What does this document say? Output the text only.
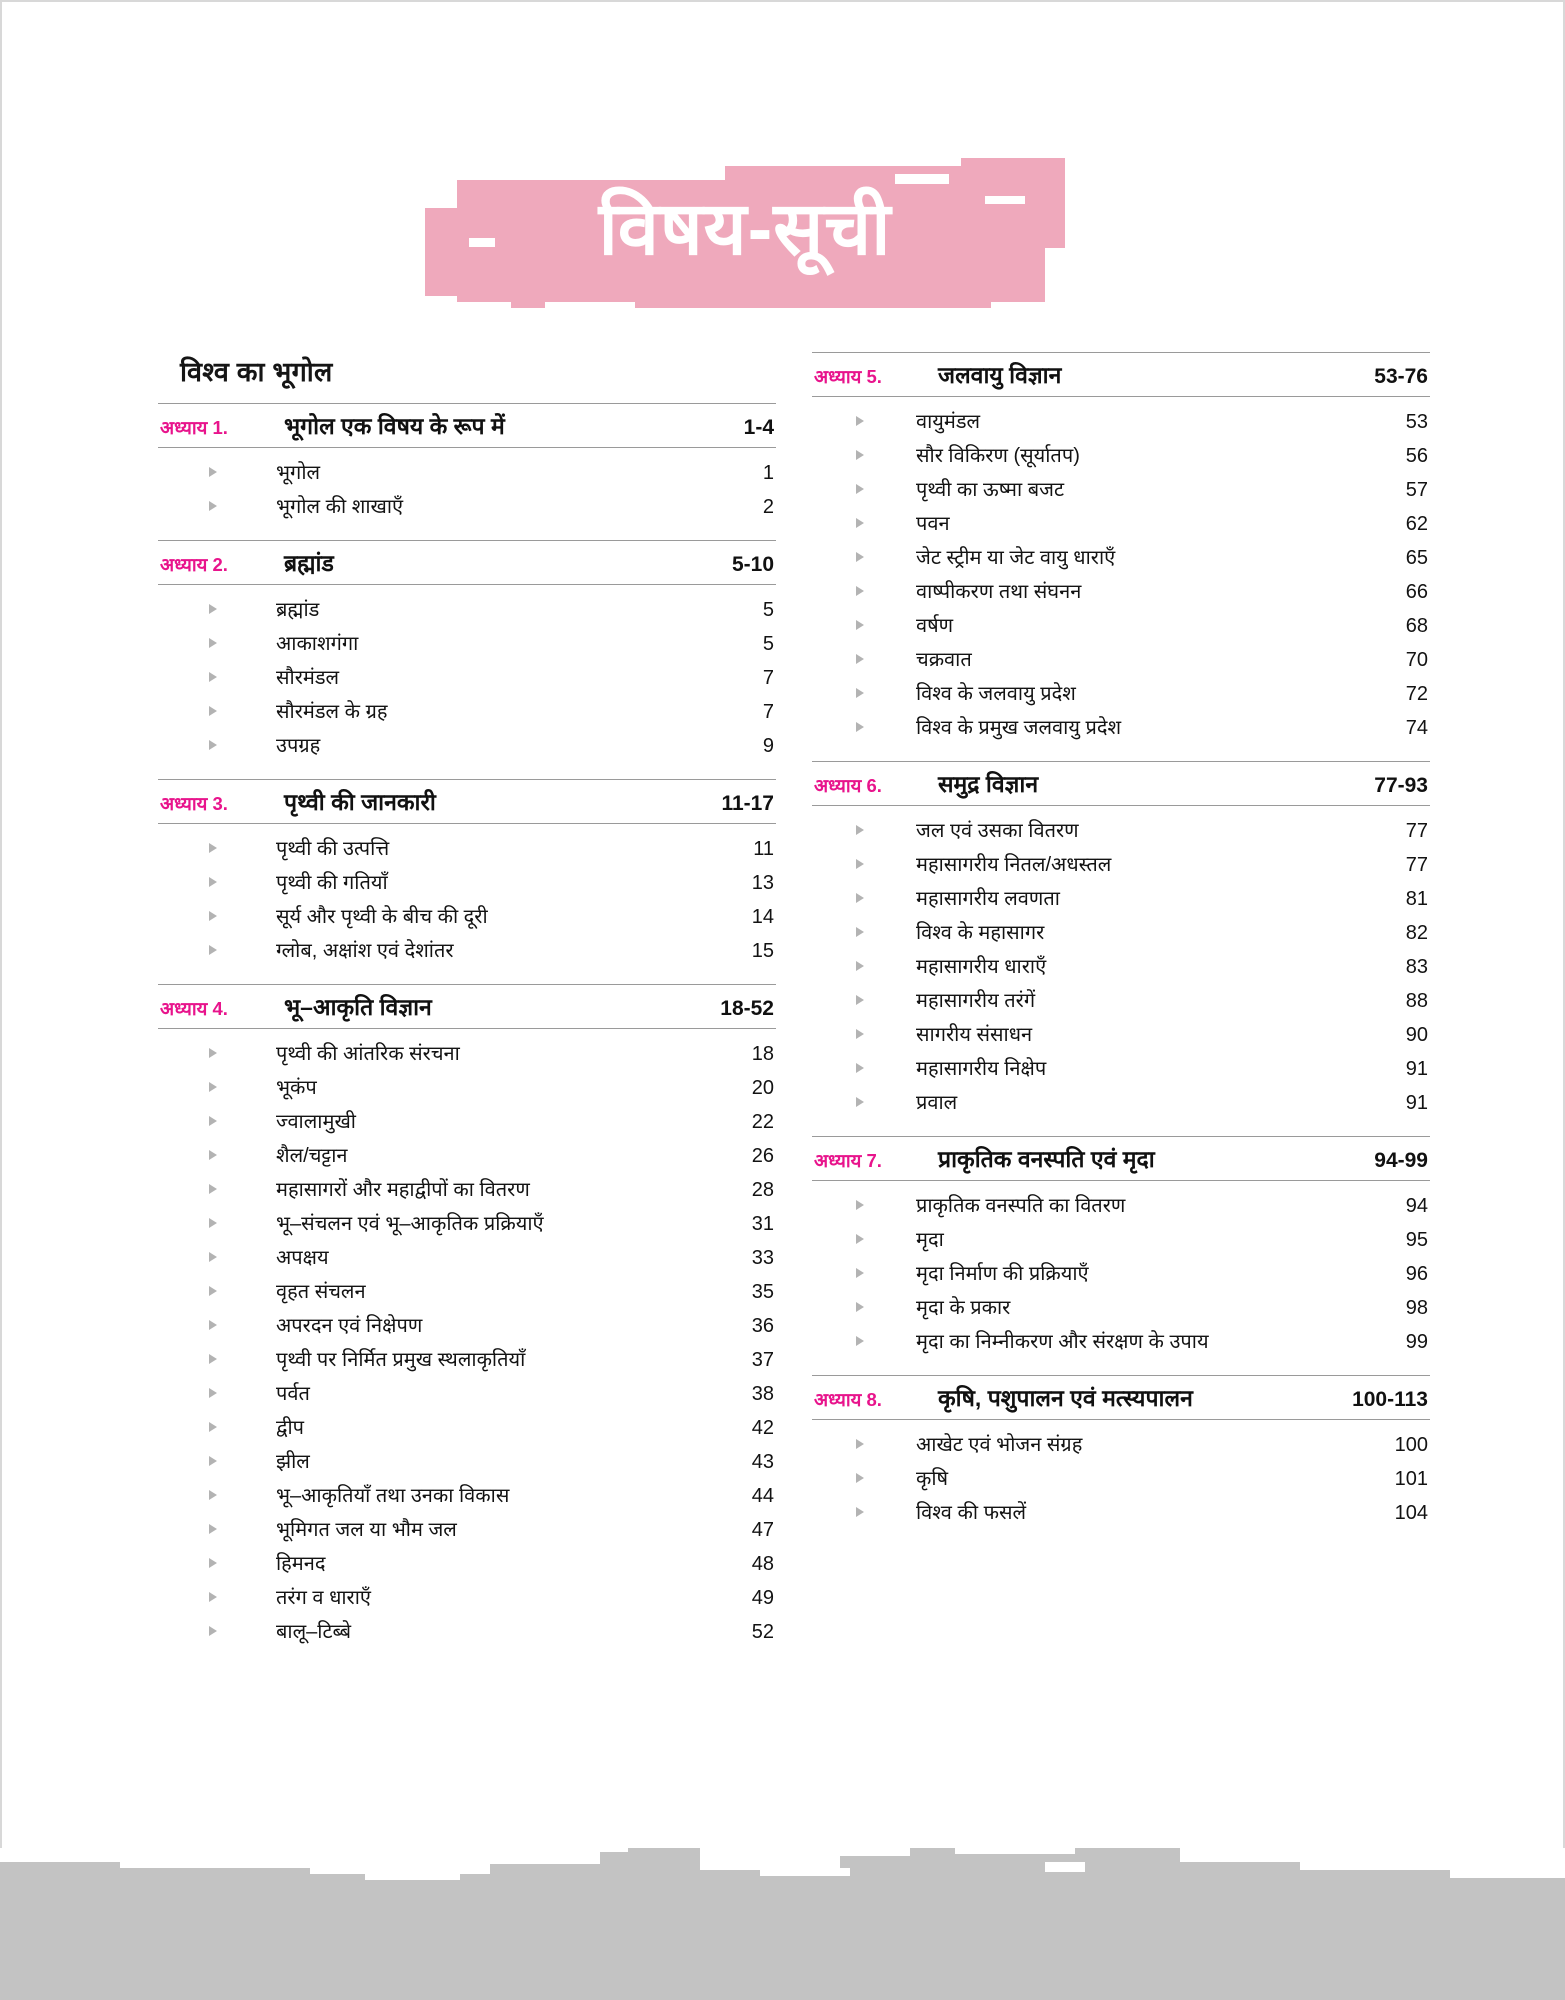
विषय-सूची
विश्व का भूगोल
अध्याय 1.	भूगोल एक विषय के रूप में	1-4
भूगोल	1
भूगोल की शाखाएँ	2
अध्याय 2.	ब्रह्मांड	5-10
ब्रह्मांड	5
आकाशगंगा	5
सौरमंडल	7
सौरमंडल के ग्रह	7
उपग्रह	9
अध्याय 3.	पृथ्वी की जानकारी	11-17
पृथ्वी की उत्पत्ति	11
पृथ्वी की गतियाँ	13
सूर्य और पृथ्वी के बीच की दूरी	14
ग्लोब, अक्षांश एवं देशांतर	15
अध्याय 4.	भू–आकृति विज्ञान	18-52
पृथ्वी की आंतरिक संरचना	18
भूकंप	20
ज्वालामुखी	22
शैल/चट्टान	26
महासागरों और महाद्वीपों का वितरण	28
भू–संचलन एवं भू–आकृतिक प्रक्रियाएँ	31
अपक्षय	33
वृहत संचलन	35
अपरदन एवं निक्षेपण	36
पृथ्वी पर निर्मित प्रमुख स्थलाकृतियाँ	37
पर्वत	38
द्वीप	42
झील	43
भू–आकृतियाँ तथा उनका विकास	44
भूमिगत जल या भौम जल	47
हिमनद	48
तरंग व धाराएँ	49
बालू–टिब्बे	52
अध्याय 5.	जलवायु विज्ञान	53-76
वायुमंडल	53
सौर विकिरण (सूर्यातप)	56
पृथ्वी का ऊष्मा बजट	57
पवन	62
जेट स्ट्रीम या जेट वायु धाराएँ	65
वाष्पीकरण तथा संघनन	66
वर्षण	68
चक्रवात	70
विश्व के जलवायु प्रदेश	72
विश्व के प्रमुख जलवायु प्रदेश	74
अध्याय 6.	समुद्र विज्ञान	77-93
जल एवं उसका वितरण	77
महासागरीय नितल/अधस्तल	77
महासागरीय लवणता	81
विश्व के महासागर	82
महासागरीय धाराएँ	83
महासागरीय तरंगें	88
सागरीय संसाधन	90
महासागरीय निक्षेप	91
प्रवाल	91
अध्याय 7.	प्राकृतिक वनस्पति एवं मृदा	94-99
प्राकृतिक वनस्पति का वितरण	94
मृदा	95
मृदा निर्माण की प्रक्रियाएँ	96
मृदा के प्रकार	98
मृदा का निम्नीकरण और संरक्षण के उपाय	99
अध्याय 8.	कृषि, पशुपालन एवं मत्स्यपालन	100-113
आखेट एवं भोजन संग्रह	100
कृषि	101
विश्व की फसलें	104
